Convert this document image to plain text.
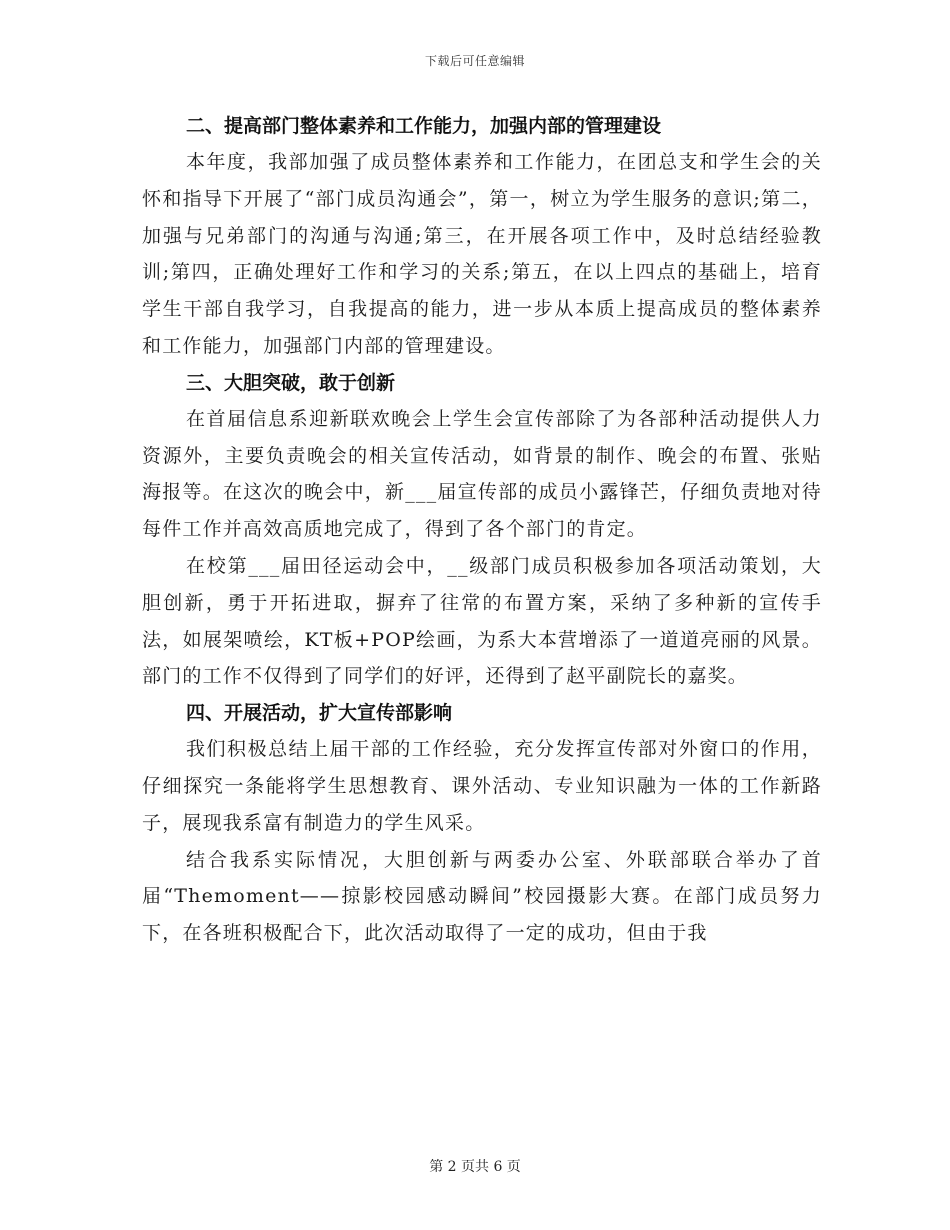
下载后可任意编辑
二、提高部门整体素养和工作能力，加强内部的管理建设

本年度，我部加强了成员整体素养和工作能力，在团总支和学生会的关怀和指导下开展了“部门成员沟通会”，第一，树立为学生服务的意识;第二，加强与兄弟部门的沟通与沟通;第三，在开展各项工作中，及时总结经验教训;第四，正确处理好工作和学习的关系;第五，在以上四点的基础上，培育学生干部自我学习，自我提高的能力，进一步从本质上提高成员的整体素养和工作能力，加强部门内部的管理建设。

三、大胆突破，敢于创新

在首届信息系迎新联欢晚会上学生会宣传部除了为各部种活动提供人力资源外，主要负责晚会的相关宣传活动，如背景的制作、晚会的布置、张贴海报等。在这次的晚会中，新___届宣传部的成员小露锋芒，仔细负责地对待每件工作并高效高质地完成了，得到了各个部门的肯定。

在校第___届田径运动会中，__级部门成员积极参加各项活动策划，大胆创新，勇于开拓进取，摒弃了往常的布置方案，采纳了多种新的宣传手法，如展架喷绘，KT板+POP绘画，为系大本营增添了一道道亮丽的风景。部门的工作不仅得到了同学们的好评，还得到了赵平副院长的嘉奖。

四、开展活动，扩大宣传部影响

我们积极总结上届干部的工作经验，充分发挥宣传部对外窗口的作用，仔细探究一条能将学生思想教育、课外活动、专业知识融为一体的工作新路子，展现我系富有制造力的学生风采。

结合我系实际情况，大胆创新与两委办公室、外联部联合举办了首届“Themoment——掠影校园感动瞬间”校园摄影大赛。在部门成员努力下，在各班积极配合下，此次活动取得了一定的成功，但由于我

第 2 页共 6 页
